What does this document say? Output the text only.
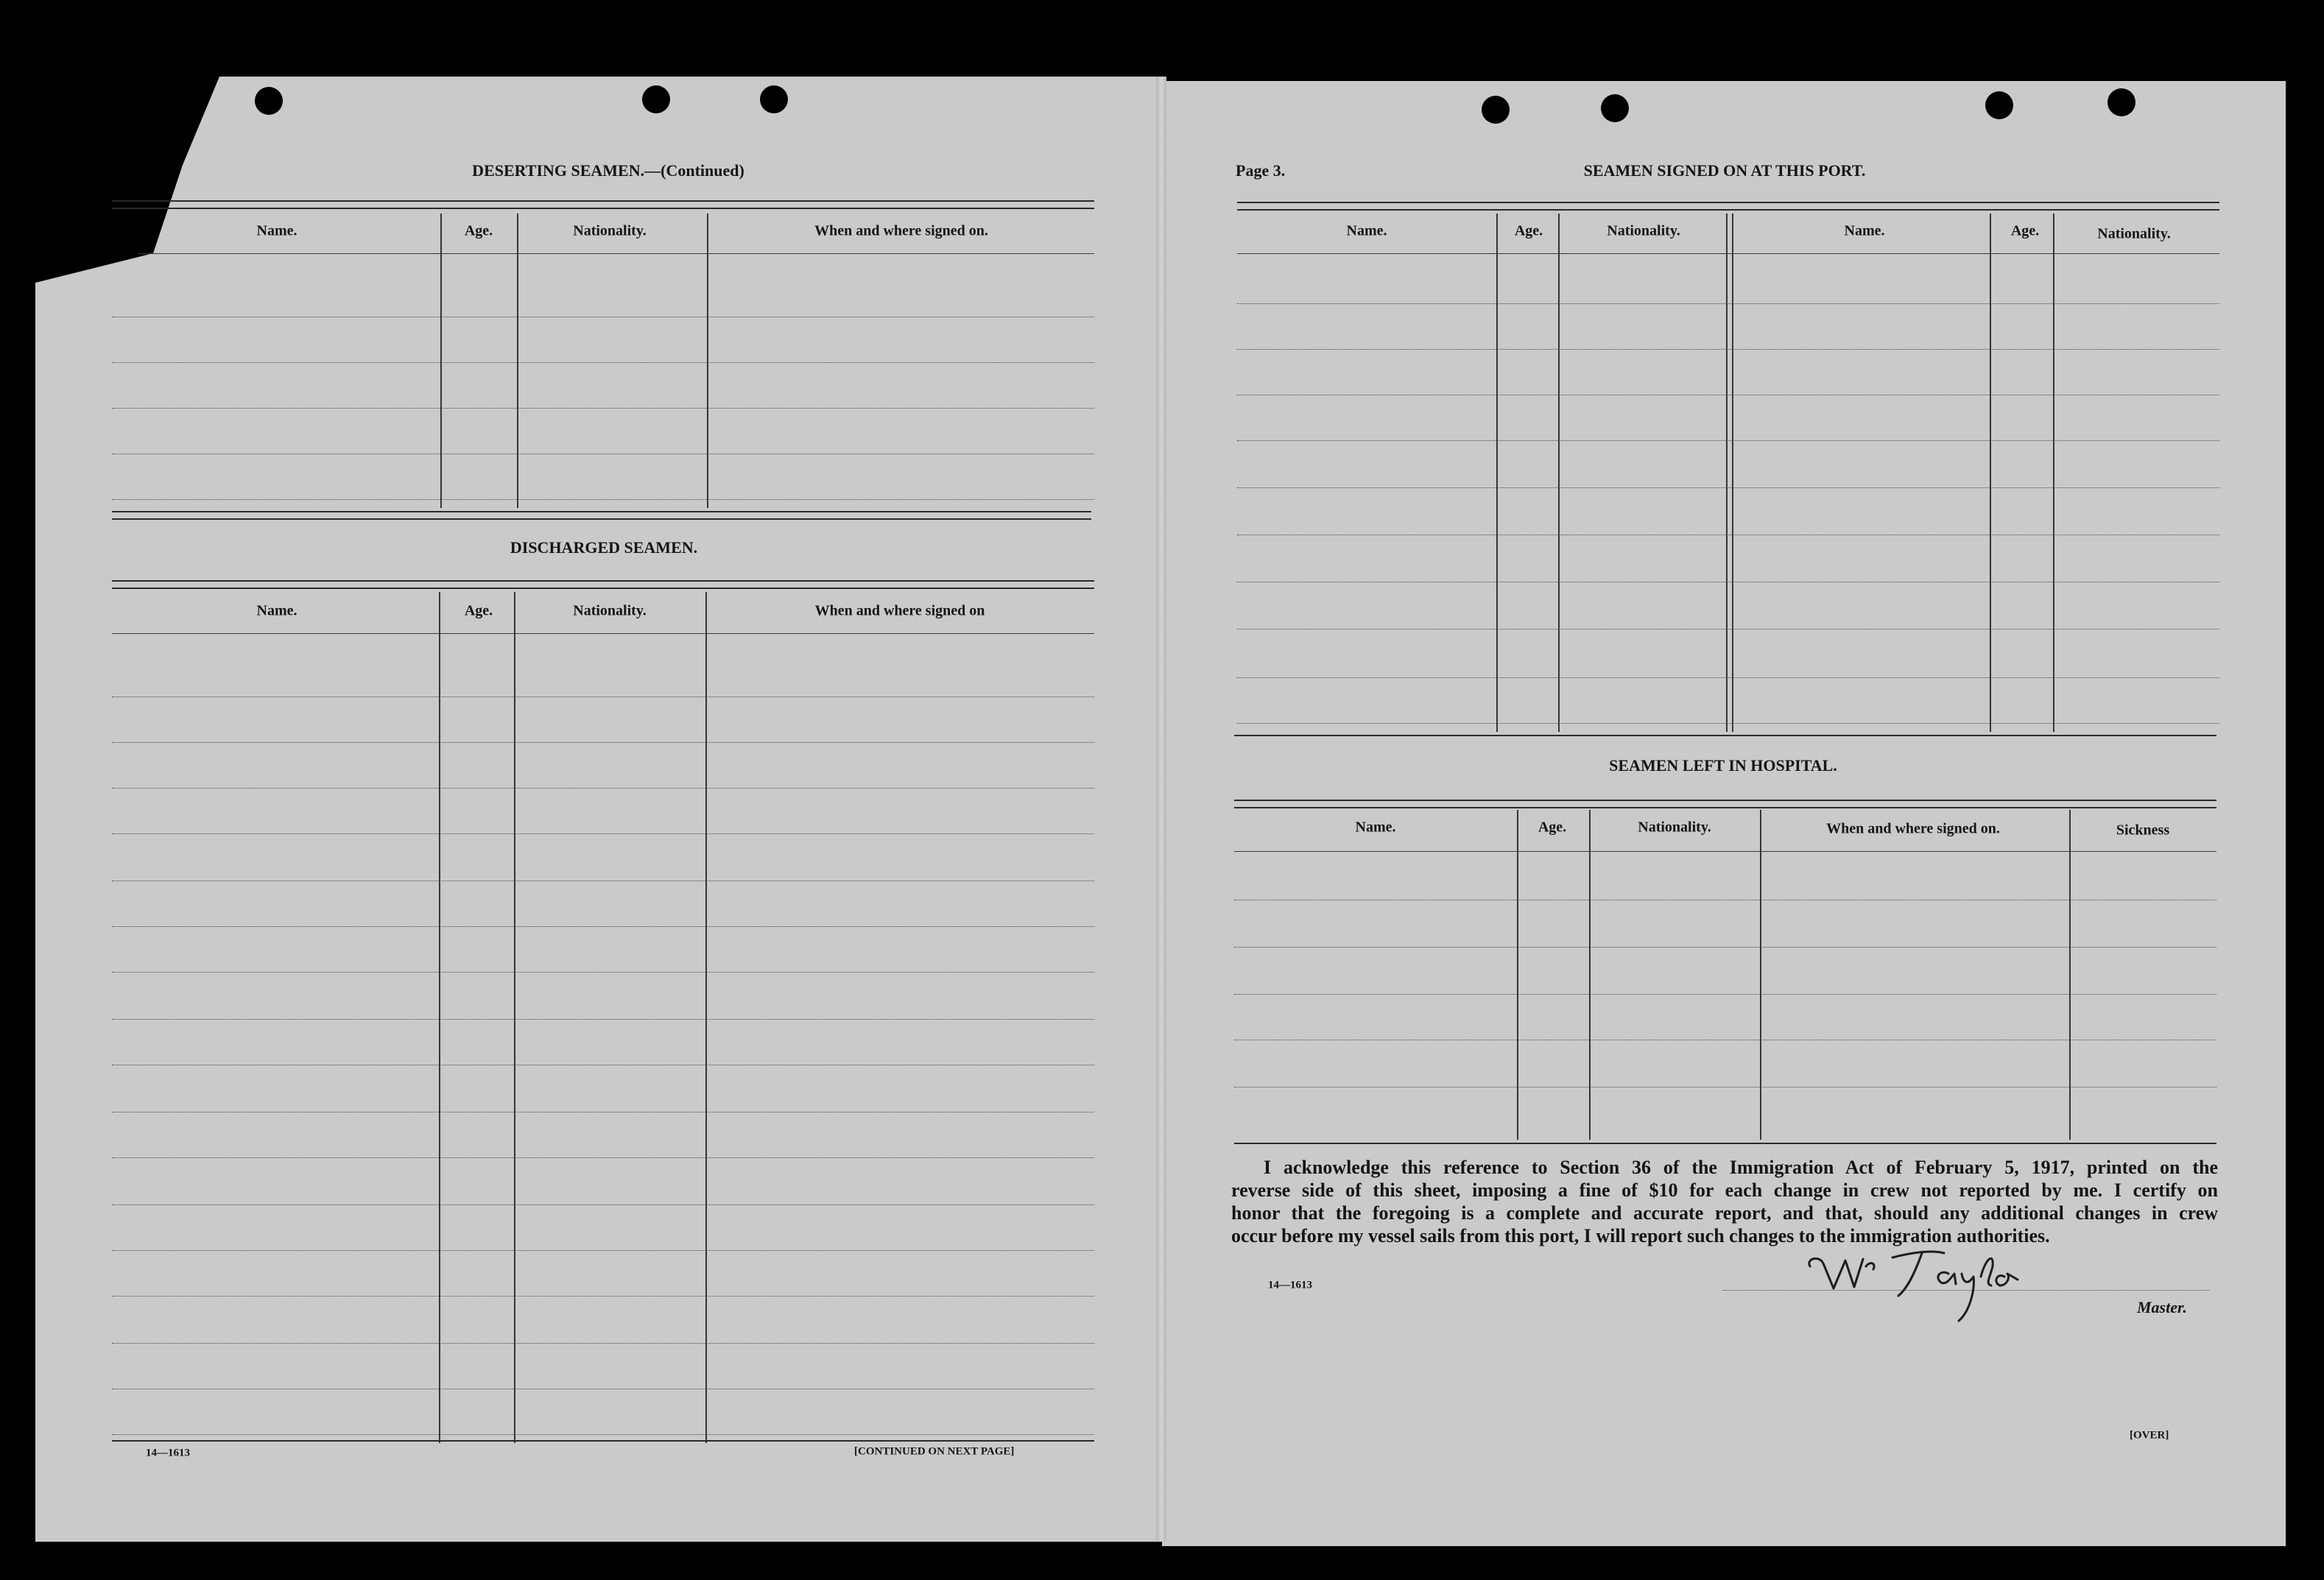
DESERTING SEAMEN.—(Continued)
Name.	Age.	Nationality.	When and where signed on.
DISCHARGED SEAMEN.
Name.	Age.	Nationality.	When and where signed on
14—1613	[CONTINUED ON NEXT PAGE]
Page 3.	SEAMEN SIGNED ON AT THIS PORT.
Name.	Age.	Nationality.	Name.	Age.	Nationality.
SEAMEN LEFT IN HOSPITAL.
Name.	Age.	Nationality.	When and where signed on.	Sickness

I acknowledge this reference to Section 36 of the Immigration Act of February 5, 1917, printed on the

reverse side of this sheet, imposing a fine of $10 for each change in crew not reported by me. I certify on

honor that the foregoing is a complete and accurate report, and that, should any additional changes in crew

occur before my vessel sails from this port, I will report such changes to the immigration authorities.

14—1613
Master.
[OVER]
